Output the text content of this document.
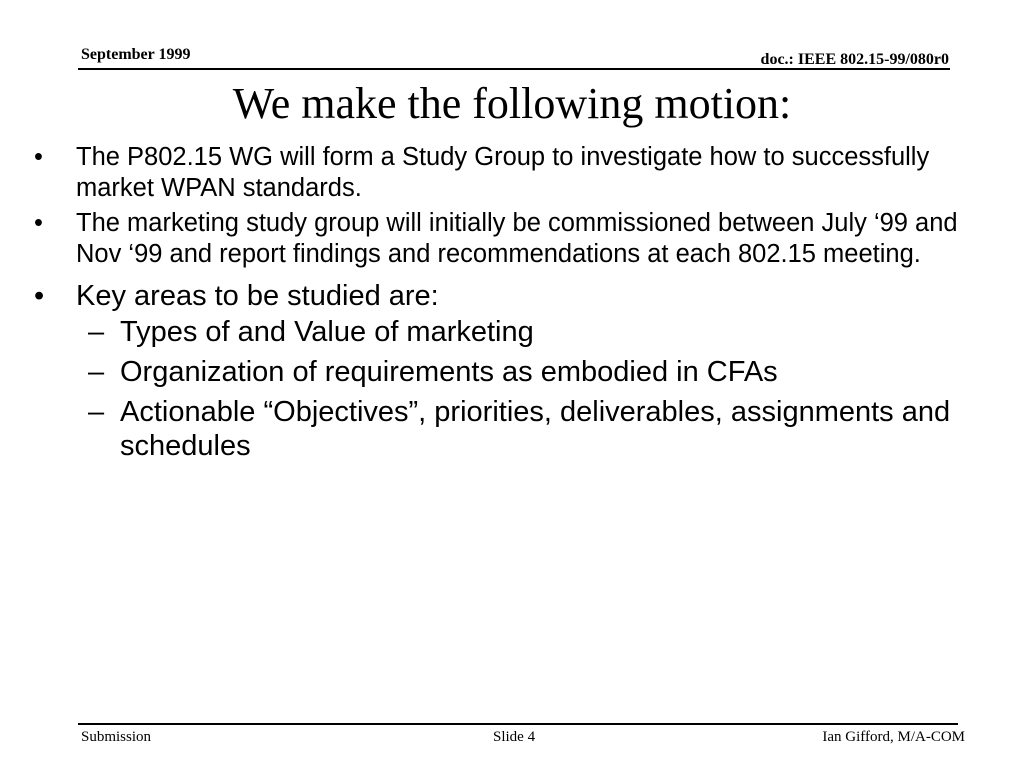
September 1999	doc.: IEEE 802.15-99/080r0
We make the following motion:
• The P802.15 WG will form a Study Group to investigate how to successfully market WPAN standards.
• The marketing study group will initially be commissioned between July ‘99 and Nov ‘99 and report findings and recommendations at each 802.15 meeting.
• Key areas to be studied are:
– Types of and Value of marketing
– Organization of requirements as embodied in CFAs
– Actionable “Objectives”, priorities, deliverables, assignments and schedules
Submission	Slide 4	Ian Gifford, M/A-COM
